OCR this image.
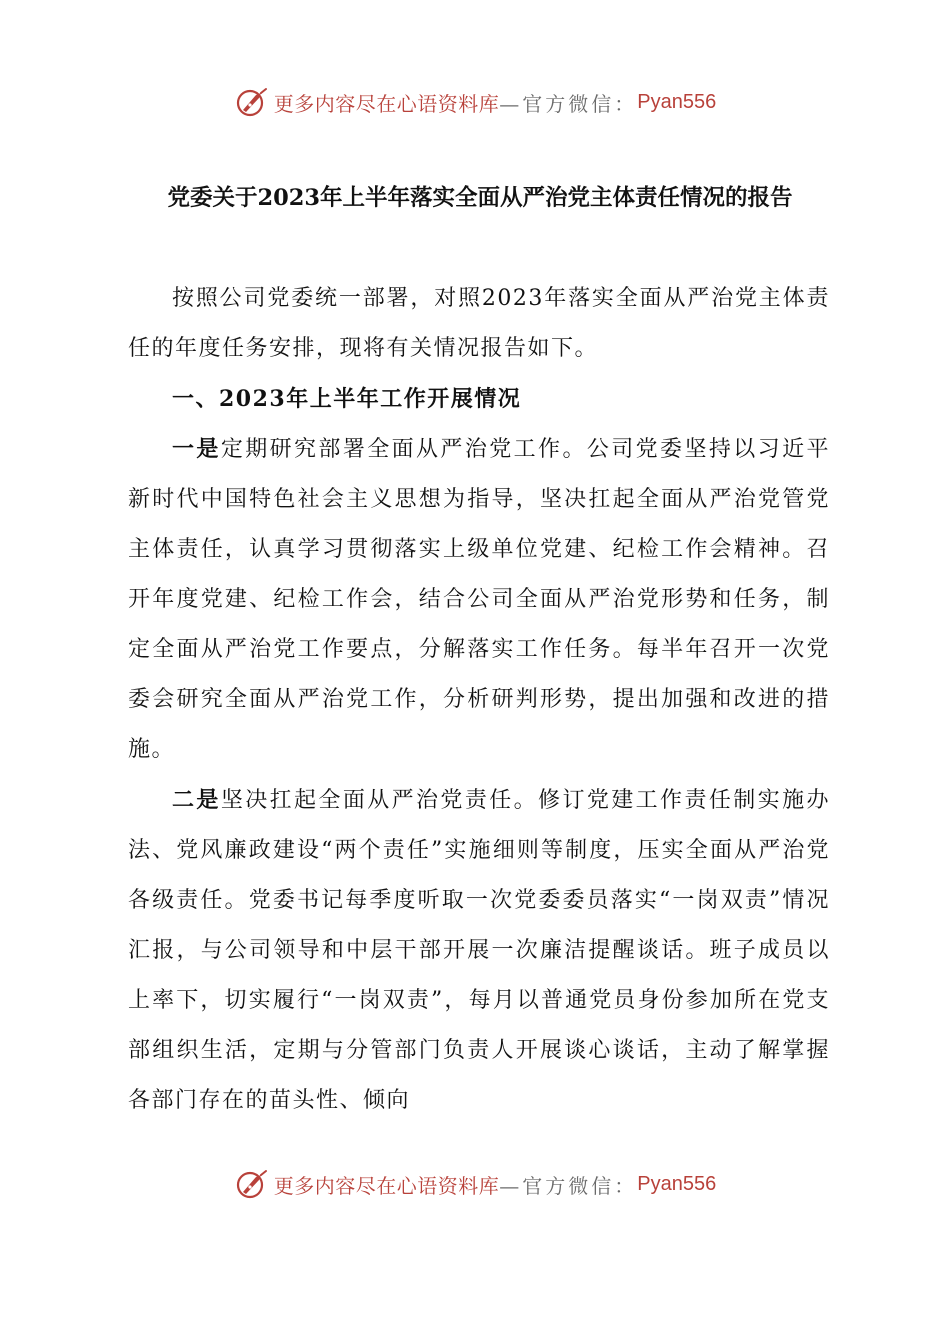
更多内容尽在心语资料库 —官方微信： Pyan556
党委关于2023年上半年落实全面从严治党主体责任情况的报告

按照公司党委统一部署，对照2023年落实全面从严治党主体责任的年度任务安排，现将有关情况报告如下。

一、2023年上半年工作开展情况

一是定期研究部署全面从严治党工作。公司党委坚持以习近平新时代中国特色社会主义思想为指导，坚决扛起全面从严治党管党主体责任，认真学习贯彻落实上级单位党建、纪检工作会精神。召开年度党建、纪检工作会，结合公司全面从严治党形势和任务，制定全面从严治党工作要点，分解落实工作任务。每半年召开一次党委会研究全面从严治党工作，分析研判形势，提出加强和改进的措施。

二是坚决扛起全面从严治党责任。修订党建工作责任制实施办法、党风廉政建设“两个责任”实施细则等制度，压实全面从严治党各级责任。党委书记每季度听取一次党委委员落实“一岗双责”情况汇报，与公司领导和中层干部开展一次廉洁提醒谈话。班子成员以上率下，切实履行“一岗双责”，每月以普通党员身份参加所在党支部组织生活，定期与分管部门负责人开展谈心谈话，主动了解掌握各部门存在的苗头性、倾向

更多内容尽在心语资料库 —官方微信： Pyan556
